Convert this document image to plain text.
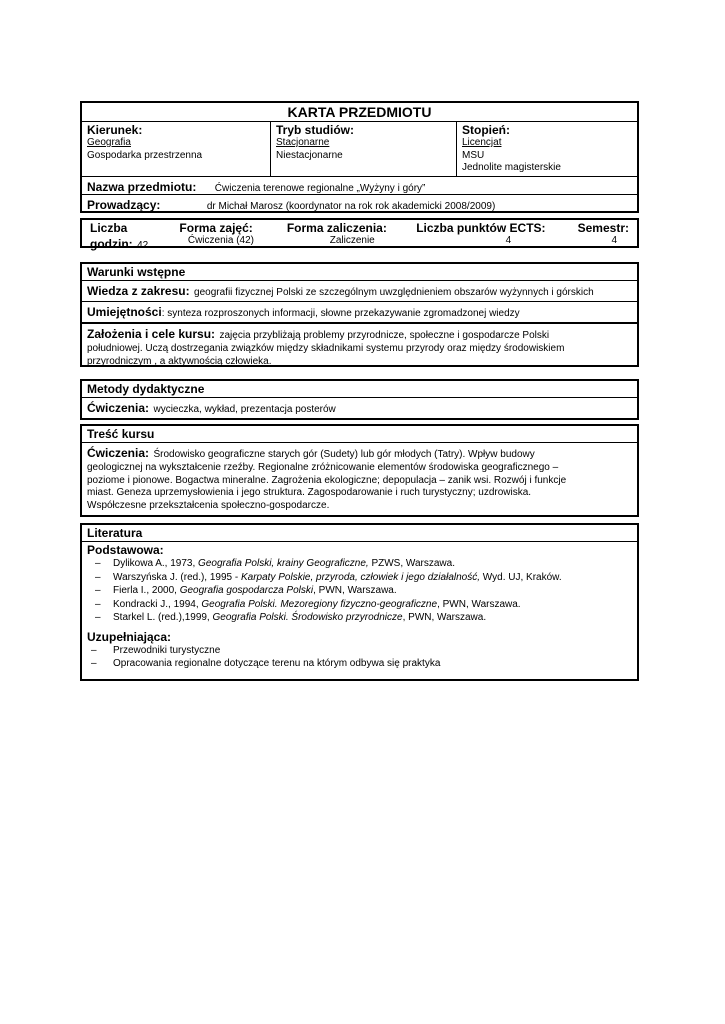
KARTA PRZEDMIOTU
Kierunek:
Geografia
Gospodarka przestrzenna
Tryb studiów:
Stacjonarne
Niestacjonarne
Stopień:
Licencjat
MSU
Jednolite magisterskie
Nazwa przedmiotu: Ćwiczenia terenowe regionalne „Wyżyny i góry”
Prowadzący:	dr Michał Marosz (koordynator na rok rok akademicki 2008/2009)
Liczba	Forma zajęć:	Forma zaliczenia:	Liczba punktów ECTS:	Semestr:
godzin: 42	Ćwiczenia (42)	Zaliczenie	4	4
Warunki wstępne
Wiedza z zakresu: geografii fizycznej Polski ze szczególnym uwzględnieniem obszarów wyżynnych i górskich
Umiejętności: synteza rozproszonych informacji, słowne przekazywanie zgromadzonej wiedzy
Założenia i cele kursu: zajęcia przybliżają problemy przyrodnicze, społeczne i gospodarcze Polski
południowej. Uczą dostrzegania związków między składnikami systemu przyrody oraz między środowiskiem
przyrodniczym , a aktywnością człowieka.
Metody dydaktyczne
Ćwiczenia: wycieczka, wykład, prezentacja posterów
Treść kursu
Ćwiczenia: Środowisko geograficzne starych gór (Sudety) lub gór młodych (Tatry). Wpływ budowy
geologicznej na wykształcenie rzeźby. Regionalne zróżnicowanie elementów środowiska geograficznego –
poziome i pionowe. Bogactwa mineralne. Zagrożenia ekologiczne; depopulacja – zanik wsi. Rozwój i funkcje
miast. Geneza uprzemysłowienia i jego struktura. Zagospodarowanie i ruch turystyczny; uzdrowiska.
Współczesne przekształcenia społeczno-gospodarcze.
Literatura
Podstawowa:
– Dylikowa A., 1973, Geografia Polski, krainy Geograficzne, PZWS, Warszawa.
– Warszyńska J. (red.), 1995 - Karpaty Polskie, przyroda, człowiek i jego działalność, Wyd. UJ, Kraków.
– Fierla I., 2000, Geografia gospodarcza Polski, PWN, Warszawa.
– Kondracki J., 1994, Geografia Polski. Mezoregiony fizyczno-geograficzne, PWN, Warszawa.
– Starkel L. (red.),1999, Geografia Polski. Środowisko przyrodnicze, PWN, Warszawa.
Uzupełniająca:
– Przewodniki turystyczne
– Opracowania regionalne dotyczące terenu na którym odbywa się praktyka
